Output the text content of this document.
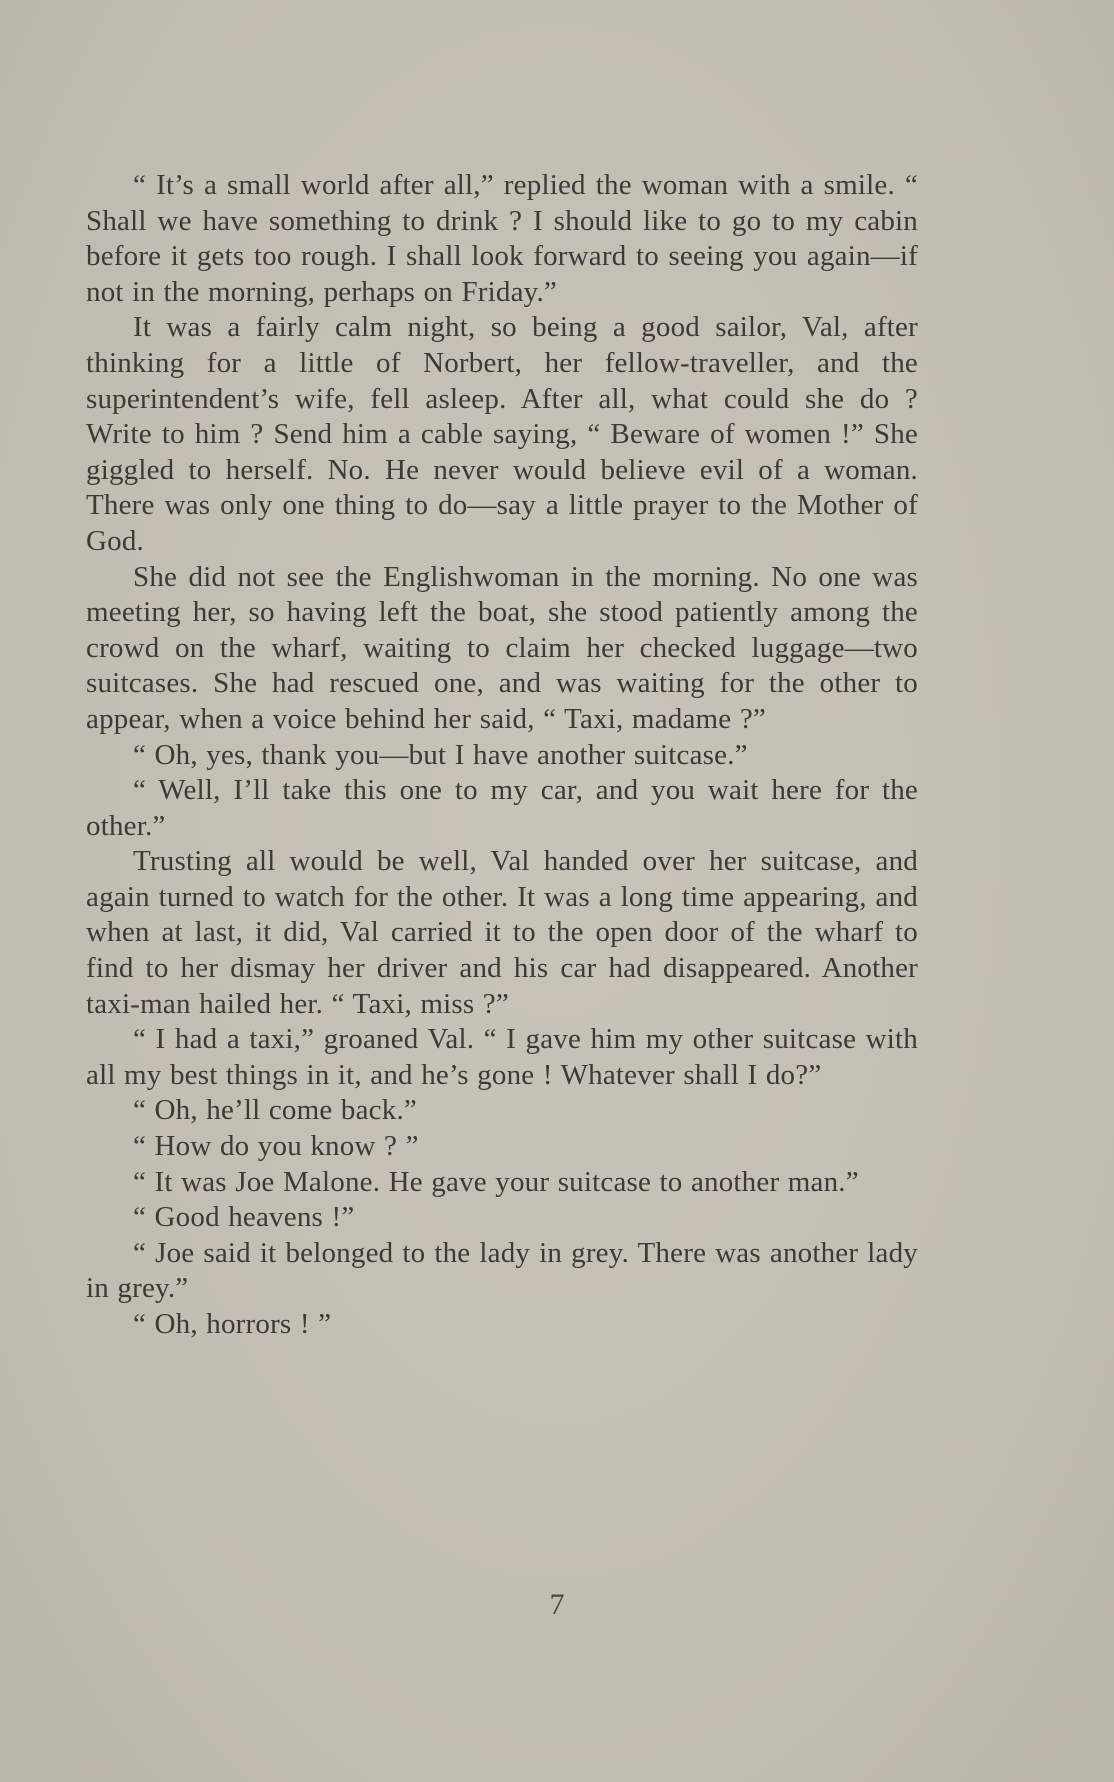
“ It’s a small world after all,” replied the woman with a smile. “ Shall we have something to drink ? I should like to go to my cabin before it gets too rough. I shall look forward to seeing you again—if not in the morning, perhaps on Friday.”

It was a fairly calm night, so being a good sailor, Val, after thinking for a little of Norbert, her fellow-traveller, and the superintendent’s wife, fell asleep. After all, what could she do ? Write to him ? Send him a cable saying, “ Beware of women !” She giggled to herself. No. He never would believe evil of a woman. There was only one thing to do—say a little prayer to the Mother of God.

She did not see the Englishwoman in the morning. No one was meeting her, so having left the boat, she stood patiently among the crowd on the wharf, waiting to claim her checked luggage—two suitcases. She had rescued one, and was waiting for the other to appear, when a voice behind her said, “ Taxi, madame ?”

“ Oh, yes, thank you—but I have another suitcase.”

“ Well, I’ll take this one to my car, and you wait here for the other.”

Trusting all would be well, Val handed over her suitcase, and again turned to watch for the other. It was a long time appearing, and when at last, it did, Val carried it to the open door of the wharf to find to her dismay her driver and his car had disappeared. Another taxi-man hailed her. “ Taxi, miss ?”

“ I had a taxi,” groaned Val. “ I gave him my other suitcase with all my best things in it, and he’s gone ! Whatever shall I do?”

“ Oh, he’ll come back.”

“ How do you know ? ”

“ It was Joe Malone. He gave your suitcase to another man.”

“ Good heavens !”

“ Joe said it belonged to the lady in grey. There was another lady in grey.”

“ Oh, horrors ! ”

7
